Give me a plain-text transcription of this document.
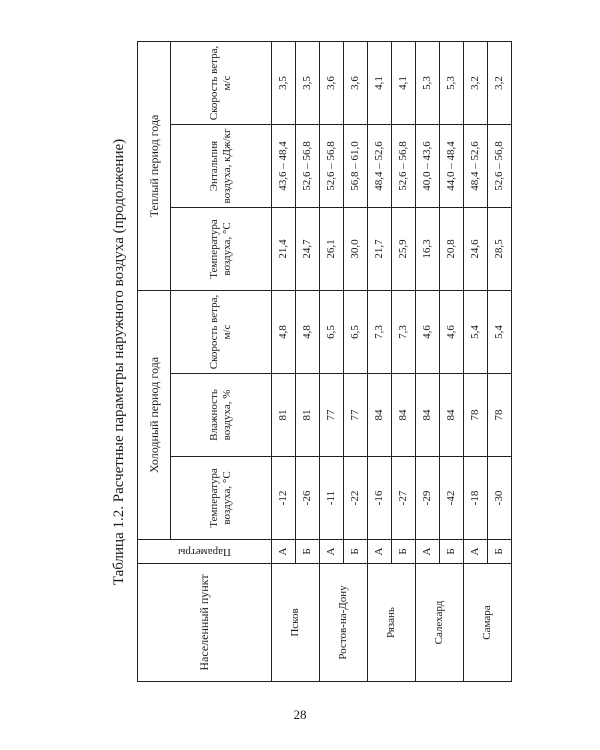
Таблица 1.2. Расчетные параметры наружного воздуха (продолжение)
Населенный пункт	Параметры	Холодный период года			Теплый период года		
		Температура воздуха, °С	Влажность воздуха, %	Скорость ветра, м/с	Температура воздуха, °С	Энтальпия воздуха, кДж/кг	Скорость ветра, м/с
Псков	А	-12	81	4,8	21,4	43,6 – 48,4	3,5
	Б	-26	81	4,8	24,7	52,6 – 56,8	3,5
Ростов-на-Дону	А	-11	77	6,5	26,1	52,6 – 56,8	3,6
	Б	-22	77	6,5	30,0	56,8 – 61,0	3,6
Рязань	А	-16	84	7,3	21,7	48,4 – 52,6	4,1
	Б	-27	84	7,3	25,9	52,6 – 56,8	4,1
Салехард	А	-29	84	4,6	16,3	40,0 – 43,6	5,3
	Б	-42	84	4,6	20,8	44,0 – 48,4	5,3
Самара	А	-18	78	5,4	24,6	48,4 – 52,6	3,2
	Б	-30	78	5,4	28,5	52,6 – 56,8	3,2
28
